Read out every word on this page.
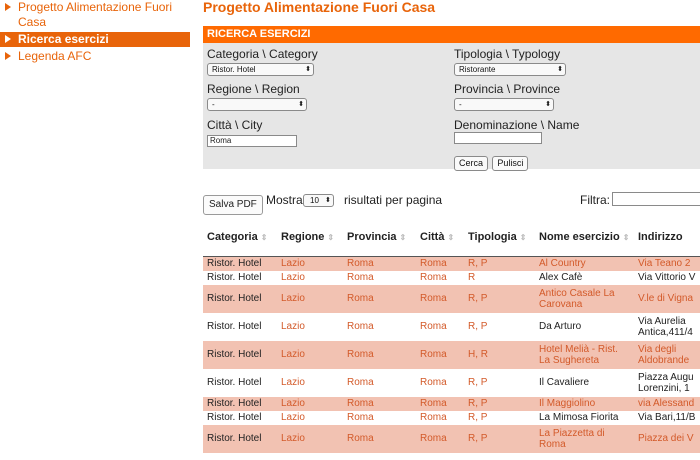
Progetto Alimentazione Fuori Casa
Ricerca esercizi
Legenda AFC
Progetto Alimentazione Fuori Casa
RICERCA ESERCIZI
Categoria \ Category
Ristor. Hotel	⬍
Tipologia \ Typology
Ristorante	⬍
Regione \ Region
-	⬍
Provincia \ Province
-	⬍
Città \ City
Roma
Denominazione \ Name
Cerca Pulisci
Salva PDF Mostra 10 ⬍ risultati per pagina	Filtra:
Categoria ⇕	Regione ⇕	Provincia ⇕	Città ⇕	Tipologia ⇕	Nome esercizio ⇕	Indirizzo
Ristor. Hotel	Lazio	Roma	Roma	R, P	Al Country	Via Teano 2
Ristor. Hotel	Lazio	Roma	Roma	R	Alex Cafè	Via Vittorio V
Ristor. Hotel	Lazio	Roma	Roma	R, P	Antico Casale La Carovana	V.le di Vigna
Ristor. Hotel	Lazio	Roma	Roma	R, P	Da Arturo	Via Aurelia Antica,411/4
Ristor. Hotel	Lazio	Roma	Roma	H, R	Hotel Melià - Rist. La Sughereta	Via degli Aldobrande
Ristor. Hotel	Lazio	Roma	Roma	R, P	Il Cavaliere	Piazza Augu Lorenzini, 1
Ristor. Hotel	Lazio	Roma	Roma	R, P	Il Maggiolino	via Alessand
Ristor. Hotel	Lazio	Roma	Roma	R, P	La Mimosa Fiorita	Via Bari,11/B
Ristor. Hotel	Lazio	Roma	Roma	R, P	La Piazzetta di Roma	Piazza dei V
